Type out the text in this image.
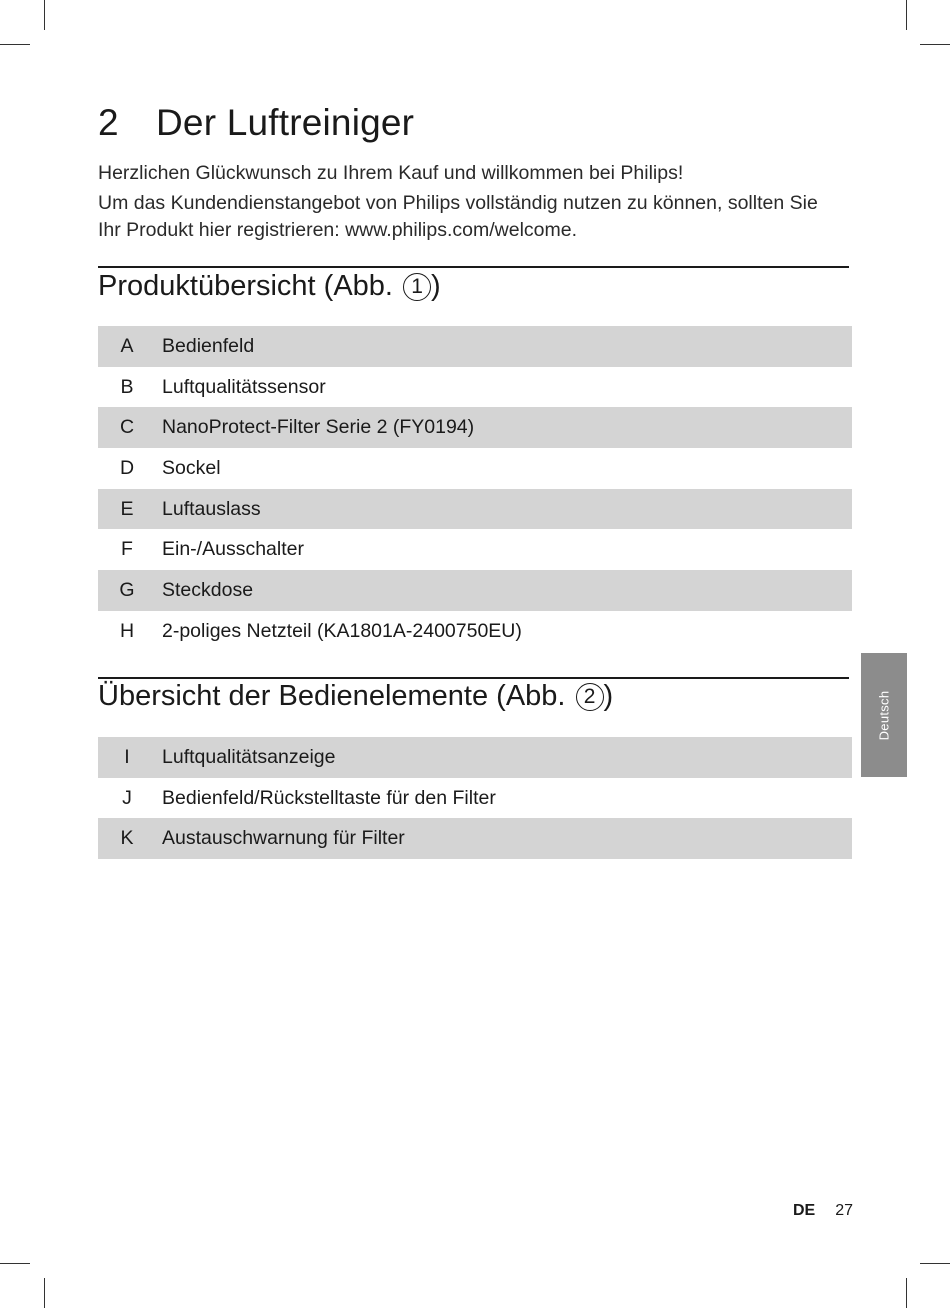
2 Der Luftreiniger

Herzlichen Glückwunsch zu Ihrem Kauf und willkommen bei Philips!

Um das Kundendienstangebot von Philips vollständig nutzen zu können, sollten Sie Ihr Produkt hier registrieren: www.philips.com/welcome.

Produktübersicht (Abb. 1 )
A	Bedienfeld
B	Luftqualitätssensor
C	NanoProtect-Filter Serie 2 (FY0194)
D	Sockel
E	Luftauslass
F	Ein-/Ausschalter
G	Steckdose
H	2-poliges Netzteil (KA1801A-2400750EU)
Übersicht der Bedienelemente (Abb. 2 )
I	Luftqualitätsanzeige
J	Bedienfeld/Rückstelltaste für den Filter
K	Austauschwarnung für Filter
Deutsch
DE 27
